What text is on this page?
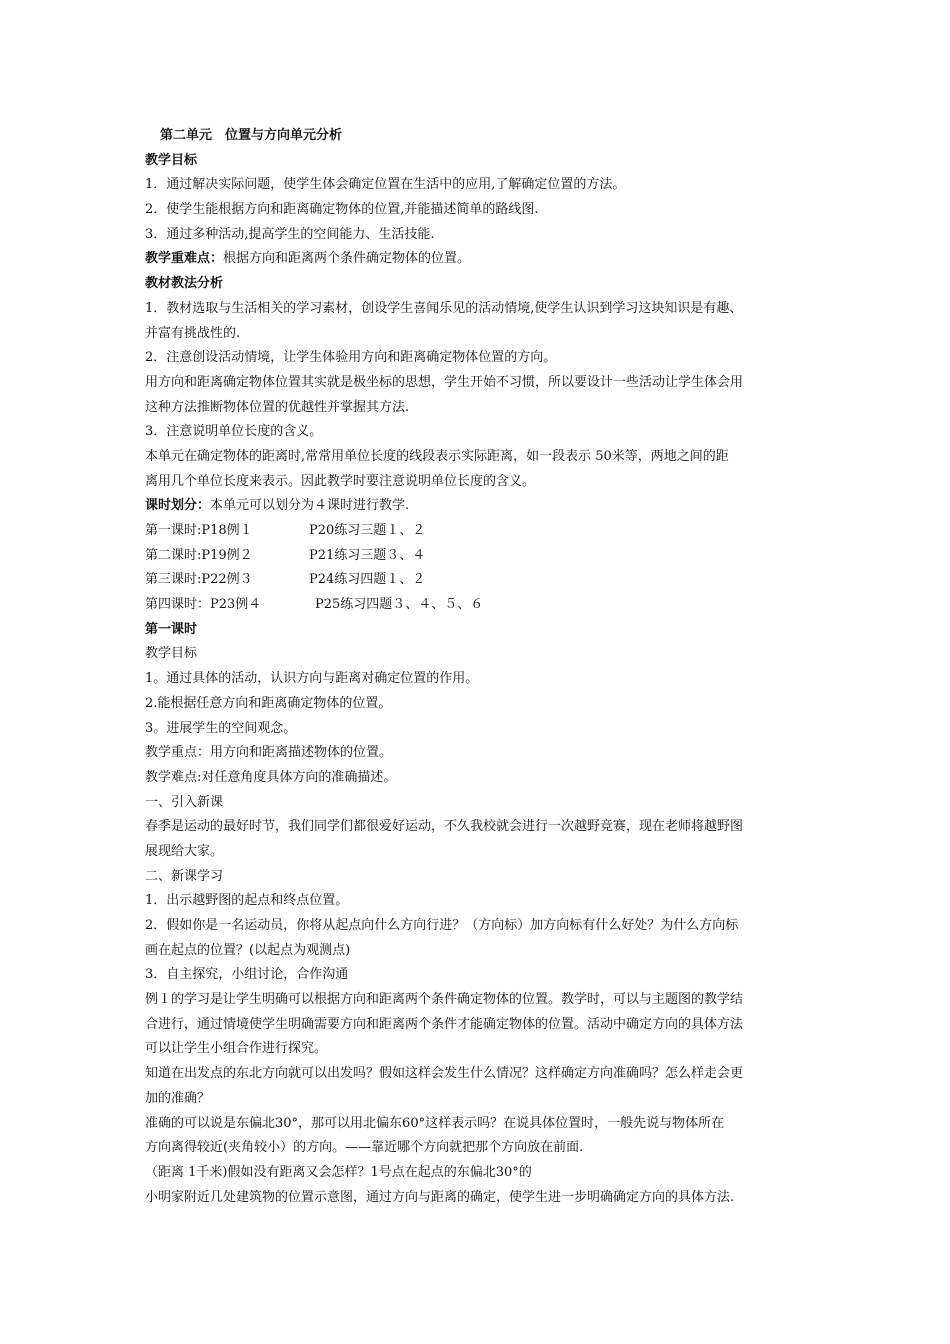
第二单元　位置与方向单元分析
教学目标
1．通过解决实际问题，使学生体会确定位置在生活中的应用,了解确定位置的方法。
2．使学生能根据方向和距离确定物体的位置,并能描述简单的路线图.
3．通过多种活动,提高学生的空间能力、生活技能.
教学重难点：根据方向和距离两个条件确定物体的位置。
教材教法分析
1．教材选取与生活相关的学习素材，创设学生喜闻乐见的活动情境,使学生认识到学习这块知识是有趣、
并富有挑战性的.
2．注意创设活动情境，让学生体验用方向和距离确定物体位置的方向。
用方向和距离确定物体位置其实就是极坐标的思想，学生开始不习惯，所以要设计一些活动让学生体会用
这种方法推断物体位置的优越性并掌握其方法.
3．注意说明单位长度的含义。
本单元在确定物体的距离时,常常用单位长度的线段表示实际距离，如一段表示 50米等，两地之间的距
离用几个单位长度来表示。因此教学时要注意说明单位长度的含义。
课时划分：本单元可以划分为４课时进行教学.
第一课时:P18例１	P20练习三题１、２
第二课时:P19例２	P21练习三题３、４
第三课时:P22例３	P24练习四题１、２
第四课时：P23例４	P25练习四题３、４、５、６
第一课时
教学目标
1。通过具体的活动，认识方向与距离对确定位置的作用。
2.能根据任意方向和距离确定物体的位置。
3。进展学生的空间观念。
教学重点：用方向和距离描述物体的位置。
教学难点:对任意角度具体方向的准确描述。
一、引入新课
春季是运动的最好时节，我们同学们都很爱好运动，不久我校就会进行一次越野竞赛，现在老师将越野图
展现给大家。
二、新课学习
1．出示越野图的起点和终点位置。
2．假如你是一名运动员，你将从起点向什么方向行进？（方向标）加方向标有什么好处？为什么方向标
画在起点的位置？(以起点为观测点)
3．自主探究，小组讨论，合作沟通
例１的学习是让学生明确可以根据方向和距离两个条件确定物体的位置。教学时，可以与主题图的教学结
合进行，通过情境使学生明确需要方向和距离两个条件才能确定物体的位置。活动中确定方向的具体方法
可以让学生小组合作进行探究。
知道在出发点的东北方向就可以出发吗？假如这样会发生什么情况？这样确定方向准确吗？怎么样走会更
加的准确？
准确的可以说是东偏北30°，那可以用北偏东60°这样表示吗？在说具体位置时，一般先说与物体所在
方向离得较近(夹角较小）的方向。——靠近哪个方向就把那个方向放在前面.
（距离 1千米)假如没有距离又会怎样？1号点在起点的东偏北30°的
小明家附近几处建筑物的位置示意图，通过方向与距离的确定，使学生进一步明确确定方向的具体方法.
